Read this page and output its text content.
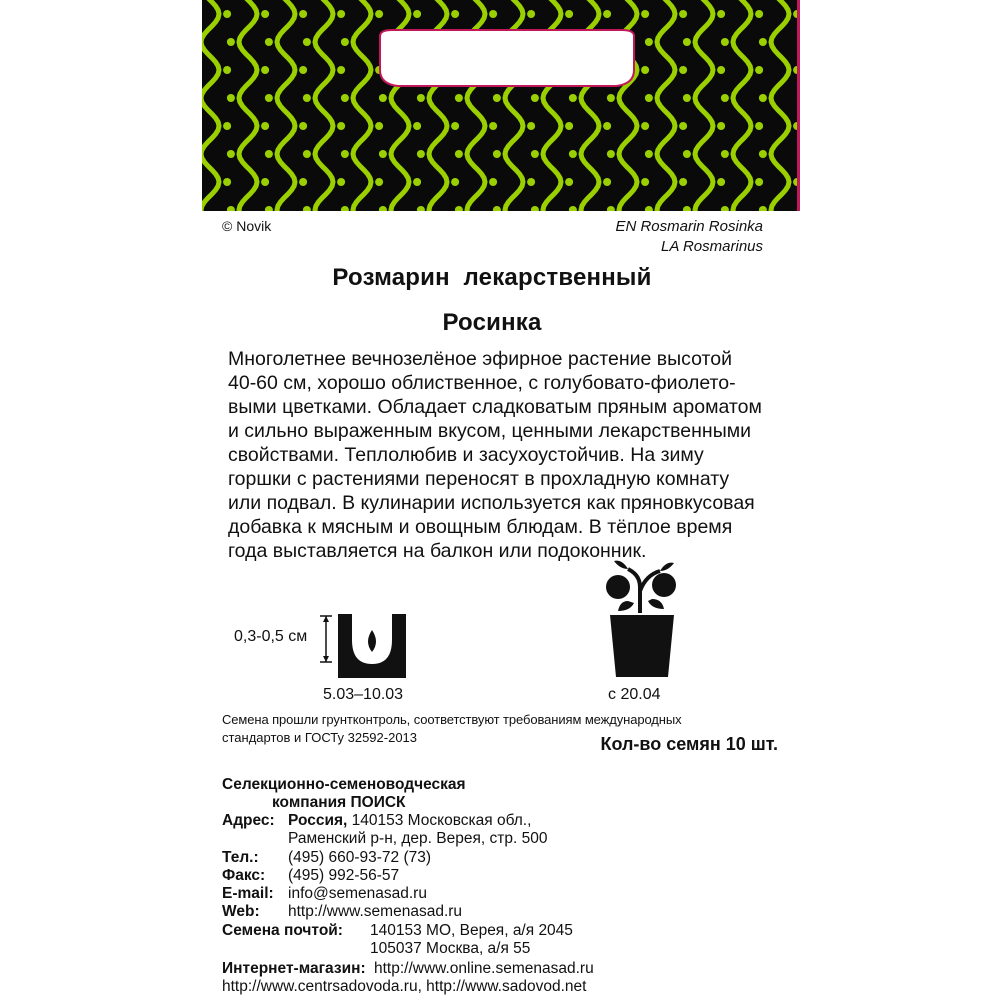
© Novik	EN Rosmarin Rosinka
LA Rosmarinus
Розмарин  лекарственный
Росинка
Многолетнее вечнозелёное эфирное растение высотой
40-60 см, хорошо облиственное, с голубовато-фиолето-
выми цветками. Обладает сладковатым пряным ароматом
и сильно выраженным вкусом, ценными лекарственными
свойствами. Теплолюбив и засухоустойчив. На зиму
горшки с растениями переносят в прохладную комнату
или подвал. В кулинарии используется как пряновкусовая
добавка к мясным и овощным блюдам. В тёплое время
года выставляется на балкон или подоконник.
0,3-0,5 см
5.03–10.03	с 20.04
Семена прошли грунтконтроль, соответствуют требованиям международных
стандартов и ГОСТу 32592-2013	Кол-во семян 10 шт.
Селекционно-семеноводческая
компания ПОИСК
Адрес: Россия, 140153 Московская обл.,
Раменский р-н, дер. Верея, стр. 500
Тел.: (495) 660-93-72 (73)
Факс: (495) 992-56-57
E-mail: info@semenasad.ru
Web: http://www.semenasad.ru
Семена почтой: 140153 МО, Верея, а/я 2045
105037 Москва, а/я 55
Интернет-магазин: http://www.online.semenasad.ru
http://www.centrsadovoda.ru, http://www.sadovod.net
